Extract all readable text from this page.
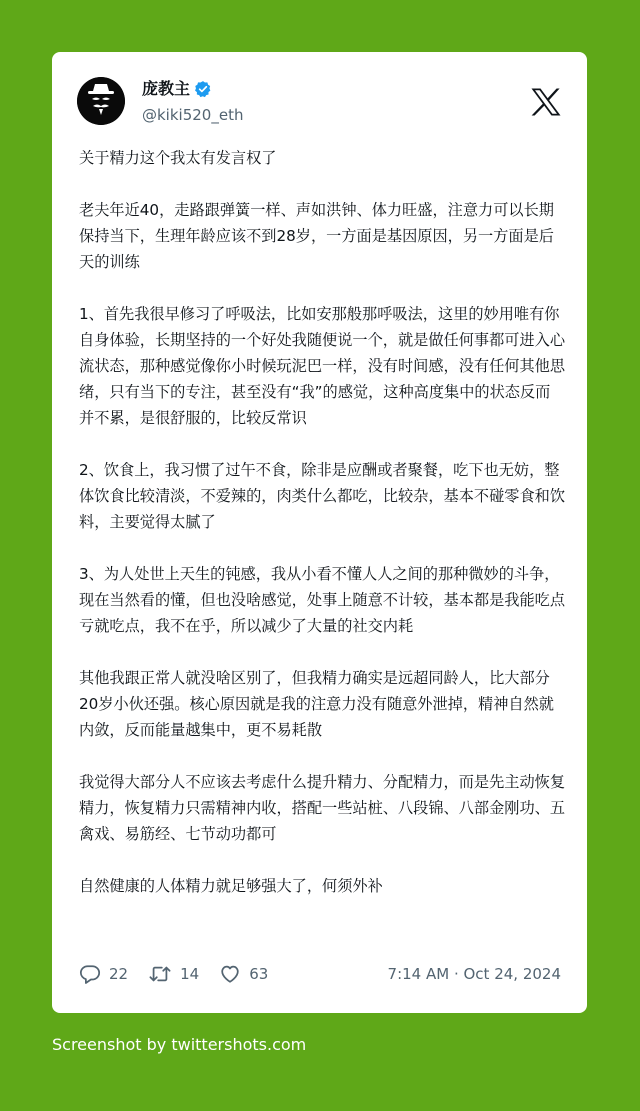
庞教主
@kiki520_eth

关于精力这个我太有发言权了

老夫年近40，走路跟弹簧一样、声如洪钟、体力旺盛，注意力可以长期保持当下，生理年龄应该不到28岁，一方面是基因原因，另一方面是后天的训练

1、首先我很早修习了呼吸法，比如安那般那呼吸法，这里的妙用唯有你自身体验，长期坚持的一个好处我随便说一个，就是做任何事都可进入心流状态，那种感觉像你小时候玩泥巴一样，没有时间感，没有任何其他思绪，只有当下的专注，甚至没有“我”的感觉，这种高度集中的状态反而并不累，是很舒服的，比较反常识

2、饮食上，我习惯了过午不食，除非是应酬或者聚餐，吃下也无妨，整体饮食比较清淡，不爱辣的，肉类什么都吃，比较杂，基本不碰零食和饮料，主要觉得太腻了

3、为人处世上天生的钝感，我从小看不懂人人之间的那种微妙的斗争，现在当然看的懂，但也没啥感觉，处事上随意不计较，基本都是我能吃点亏就吃点，我不在乎，所以减少了大量的社交内耗

其他我跟正常人就没啥区别了，但我精力确实是远超同龄人，比大部分20岁小伙还强。核心原因就是我的注意力没有随意外泄掉，精神自然就内敛，反而能量越集中，更不易耗散

我觉得大部分人不应该去考虑什么提升精力、分配精力，而是先主动恢复精力，恢复精力只需精神内收，搭配一些站桩、八段锦、八部金刚功、五禽戏、易筋经、七节动功都可

自然健康的人体精力就足够强大了，何须外补

22	14	63	7:14 AM · Oct 24, 2024
Screenshot by twittershots.com
